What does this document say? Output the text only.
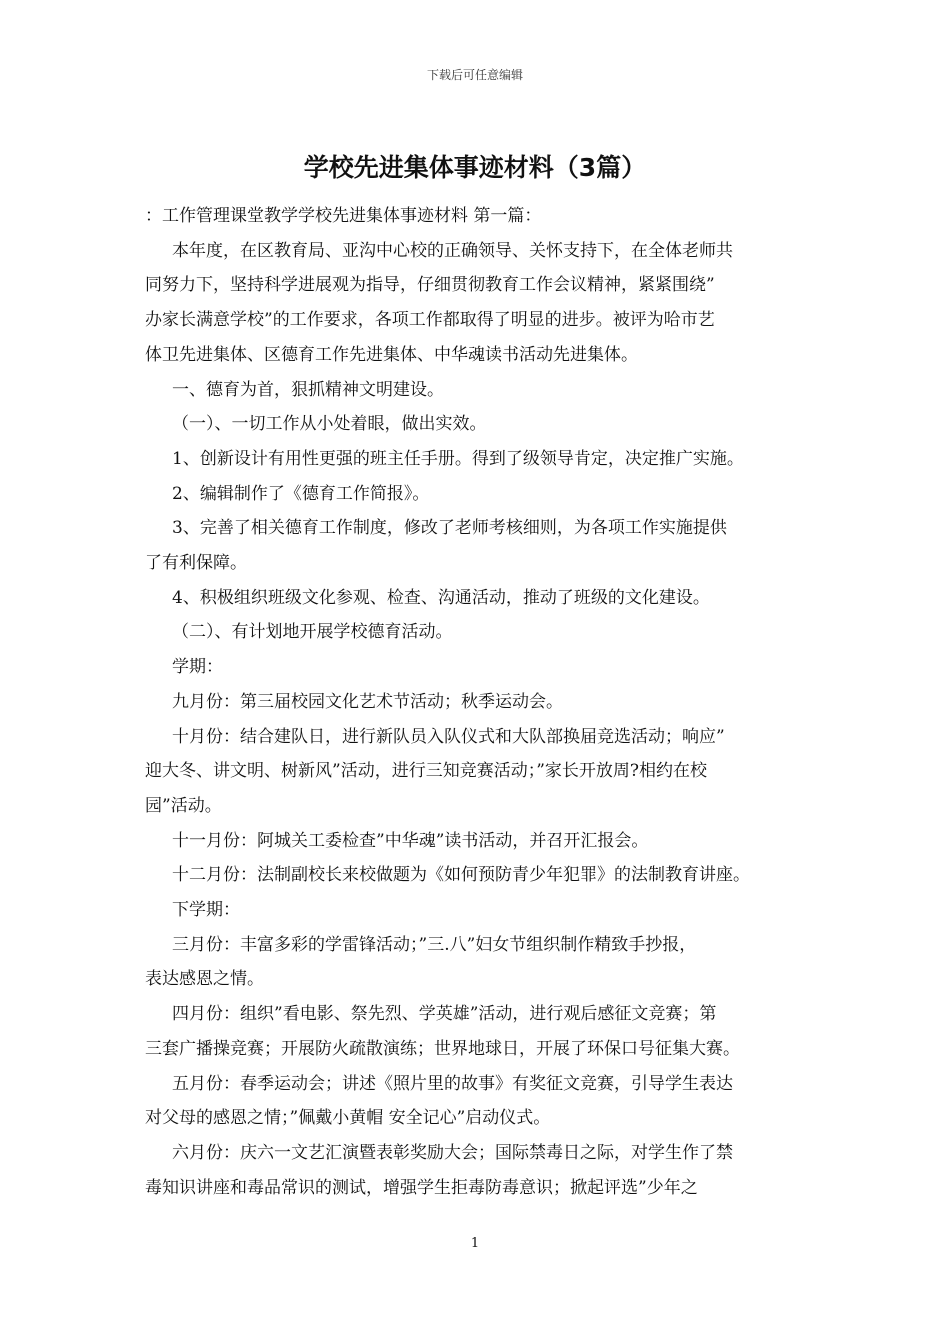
下载后可任意编辑
学校先进集体事迹材料（3篇）

：工作管理课堂教学学校先进集体事迹材料 第一篇：

本年度，在区教育局、亚沟中心校的正确领导、关怀支持下，在全体老师共

同努力下，坚持科学进展观为指导，仔细贯彻教育工作会议精神，紧紧围绕”

办家长满意学校”的工作要求，各项工作都取得了明显的进步。被评为哈市艺

体卫先进集体、区德育工作先进集体、中华魂读书活动先进集体。

一、德育为首，狠抓精神文明建设。

（一）、一切工作从小处着眼，做出实效。

1、创新设计有用性更强的班主任手册。得到了级领导肯定，决定推广实施。

2、编辑制作了《德育工作简报》。

3、完善了相关德育工作制度，修改了老师考核细则，为各项工作实施提供

了有利保障。

4、积极组织班级文化参观、检查、沟通活动，推动了班级的文化建设。

（二）、有计划地开展学校德育活动。

学期：

九月份：第三届校园文化艺术节活动；秋季运动会。

十月份：结合建队日，进行新队员入队仪式和大队部换届竞选活动；响应”

迎大冬、讲文明、树新风”活动，进行三知竞赛活动；”家长开放周?相约在校

园”活动。

十一月份：阿城关工委检查”中华魂”读书活动，并召开汇报会。

十二月份：法制副校长来校做题为《如何预防青少年犯罪》的法制教育讲座。

下学期：

三月份：丰富多彩的学雷锋活动；”三.八”妇女节组织制作精致手抄报，

表达感恩之情。

四月份：组织”看电影、祭先烈、学英雄”活动，进行观后感征文竞赛；第

三套广播操竞赛；开展防火疏散演练；世界地球日，开展了环保口号征集大赛。

五月份：春季运动会；讲述《照片里的故事》有奖征文竞赛，引导学生表达

对父母的感恩之情；”佩戴小黄帽 安全记心”启动仪式。

六月份：庆六一文艺汇演暨表彰奖励大会；国际禁毒日之际，对学生作了禁

毒知识讲座和毒品常识的测试，增强学生拒毒防毒意识；掀起评选”少年之

1
